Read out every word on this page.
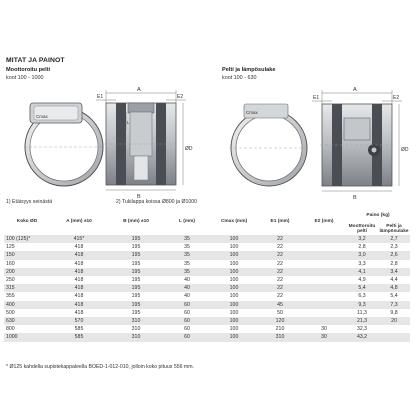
MITAT JA PAINOT
Moottoroitu pelti
koot 100 - 1000
Pelti ja lämpösulake
koot 100 - 630
A
E1	E2
B
L
ØD
Cmax
A
E1	E2
B
ØD
Cmax
1) Etäisyys seinästä	2) Tukilappa koissa Ø800 ja Ø1000
Koko ØD	A (mm) ±10	B (mm) ±10	L (mm)	Cmax (mm)	E1 (mm)	E2 (mm)	Paino (kg)	
							Moottoroitu pelti	Pelti ja lämpösulake
100 (125)*	415*	195	35	100	22		3,2	2,7
125	418	195	35	100	22		2,8	2,3
150	418	195	35	100	22		3,0	2,6
160	418	195	35	100	22		3,3	2,8
200	418	195	35	100	22		4,1	3,4
250	418	195	40	100	22		4,9	4,4
315	418	195	40	100	22		5,4	4,8
355	418	195	40	100	22		6,3	5,4
400	418	195	60	100	45		9,3	7,3
500	418	195	60	100	50		11,3	9,8
630	570	310	60	100	120		21,3	20
800	585	310	60	100	210	30	32,3	
1000	585	310	60	100	310	30	43,2	
* Ø125 kahdella supistekappaleella BOED-1-012-010, jolloin koko pituus 556 mm.
